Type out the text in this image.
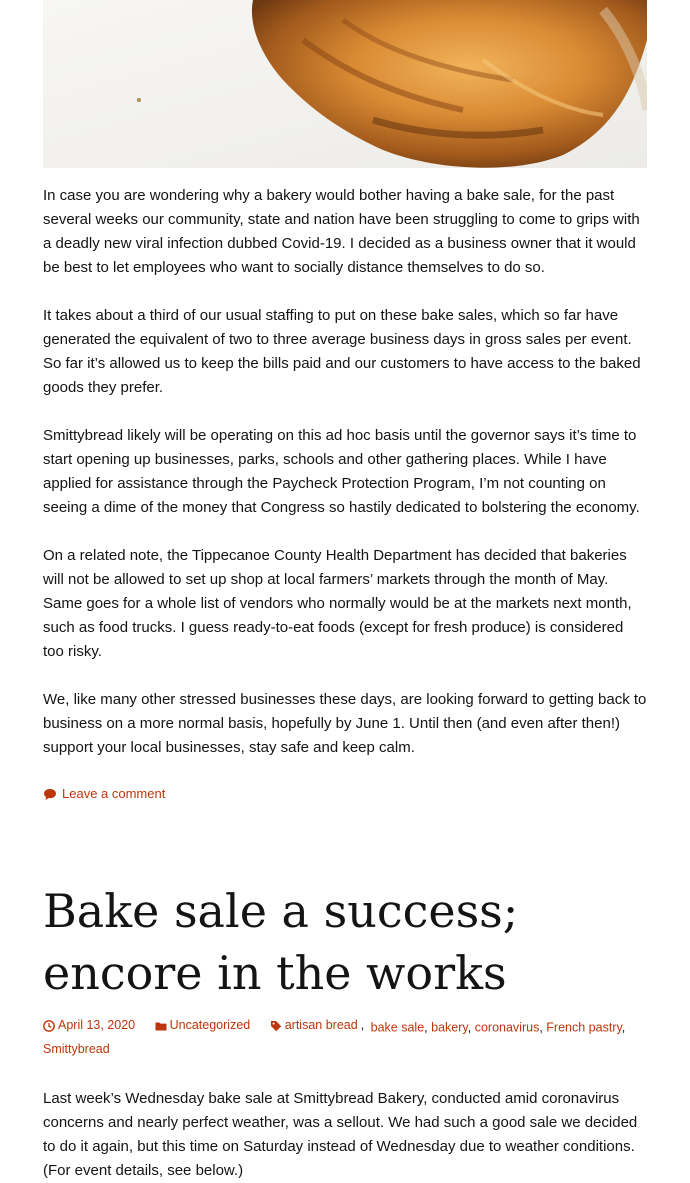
In case you are wondering why a bakery would bother having a bake sale, for the past several weeks our community, state and nation have been struggling to come to grips with a deadly new viral infection dubbed Covid-19. I decided as a business owner that it would be best to let employees who want to socially distance themselves to do so.

It takes about a third of our usual staffing to put on these bake sales, which so far have generated the equivalent of two to three average business days in gross sales per event. So far it’s allowed us to keep the bills paid and our customers to have access to the baked goods they prefer.

Smittybread likely will be operating on this ad hoc basis until the governor says it’s time to start opening up businesses, parks, schools and other gathering places. While I have applied for assistance through the Paycheck Protection Program, I’m not counting on seeing a dime of the money that Congress so hastily dedicated to bolstering the economy.

On a related note, the Tippecanoe County Health Department has decided that bakeries will not be allowed to set up shop at local farmers’ markets through the month of May. Same goes for a whole list of vendors who normally would be at the markets next month, such as food trucks. I guess ready-to-eat foods (except for fresh produce) is considered too risky.

We, like many other stressed businesses these days, are looking forward to getting back to business on a more normal basis, hopefully by June 1. Until then (and even after then!) support your local businesses, stay safe and keep calm.

Leave a comment
Bake sale a success; encore in the works
April 13, 2020
	Uncategorized
	artisan bread , bake sale, bakery, coronavirus, French pastry,
Smittybread

Last week’s Wednesday bake sale at Smittybread Bakery, conducted amid coronavirus concerns and nearly perfect weather, was a sellout. We had such a good sale we decided to do it again, but this time on Saturday instead of Wednesday due to weather conditions. (For event details, see below.)
